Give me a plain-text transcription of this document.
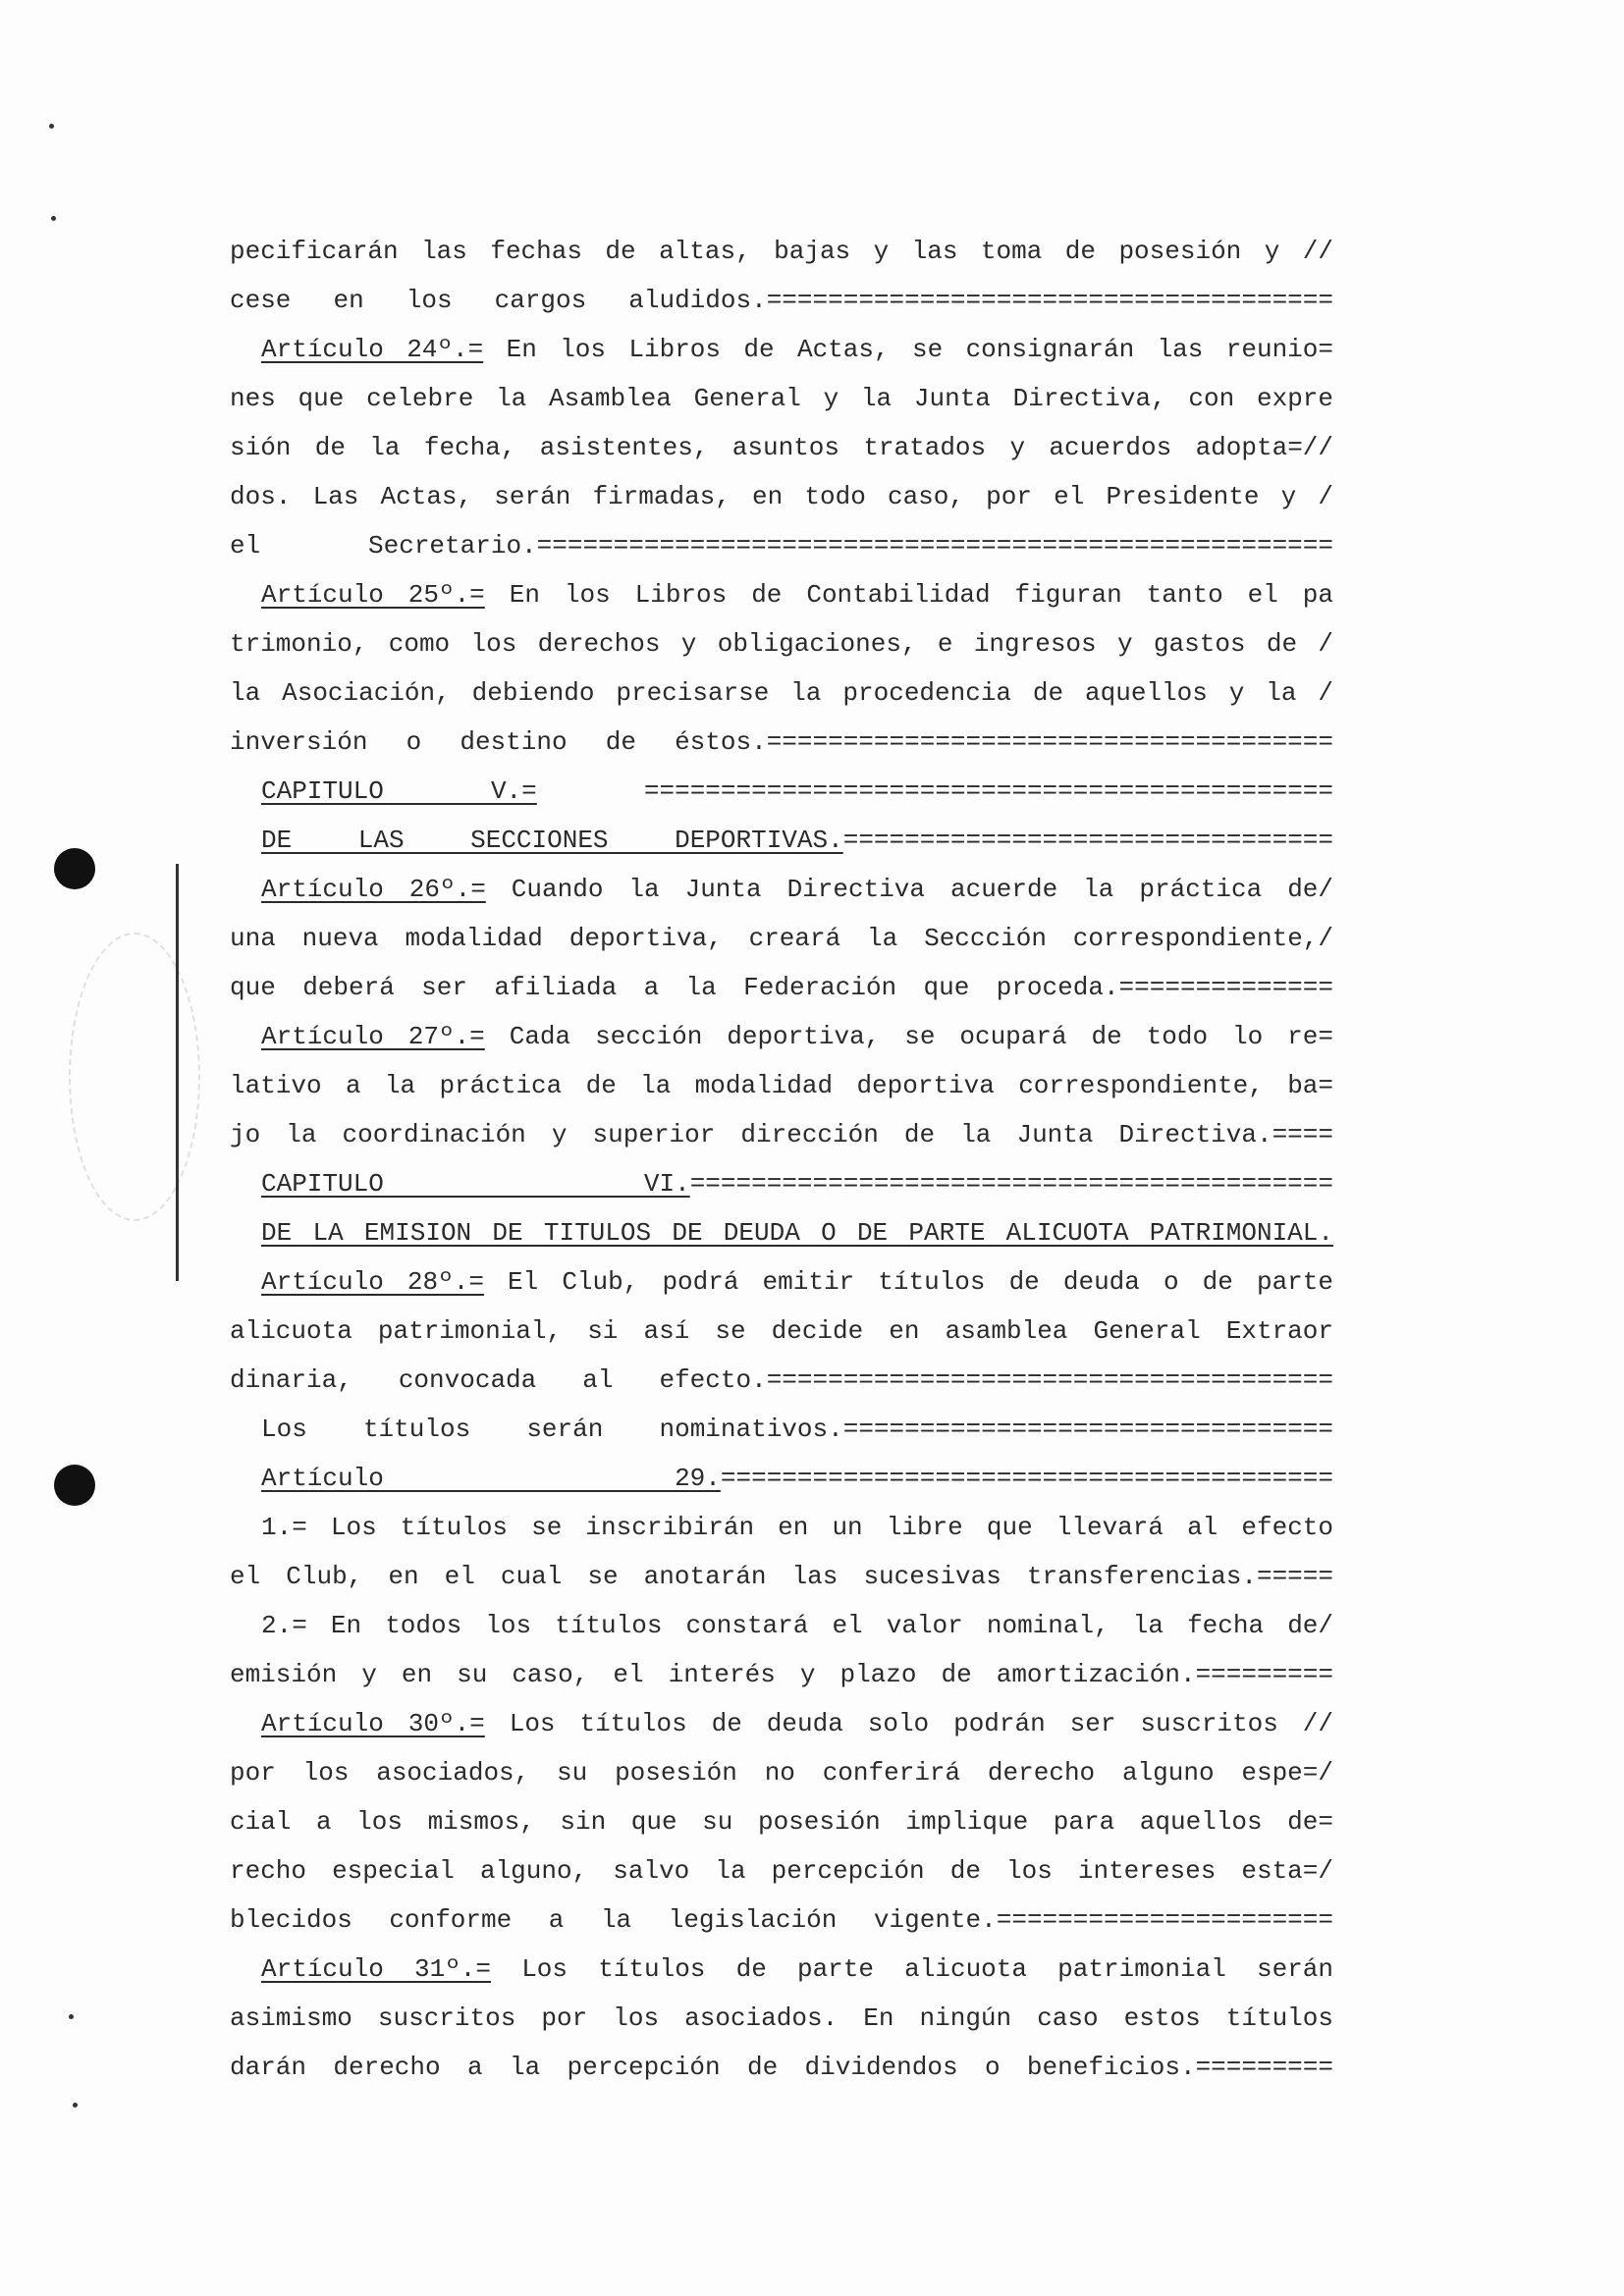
pecificarán las fechas de altas, bajas y las toma de posesión y //
cese en los cargos aludidos.=====================================
Artículo 24º.= En los Libros de Actas, se consignarán las reunio=
nes que celebre la Asamblea General y la Junta Directiva, con expre
sión de la fecha, asistentes, asuntos tratados y acuerdos adopta=//
dos. Las Actas, serán firmadas, en todo caso, por el Presidente y /
el Secretario.====================================================
Artículo 25º.= En los Libros de Contabilidad figuran tanto el pa
trimonio, como los derechos y obligaciones, e ingresos y gastos de /
la Asociación, debiendo precisarse la procedencia de aquellos y la /
inversión o destino de éstos.=====================================
CAPITULO V.= =============================================
DE LAS SECCIONES DEPORTIVAS.================================
Artículo 26º.= Cuando la Junta Directiva acuerde la práctica de/
una nueva modalidad deportiva, creará la Seccción correspondiente,/
que deberá ser afiliada a la Federación que proceda.==============
Artículo 27º.= Cada sección deportiva, se ocupará de todo lo re=
lativo a la práctica de la modalidad deportiva correspondiente, ba=
jo la coordinación y superior dirección de la Junta Directiva.====
CAPITULO VI.==========================================
DE LA EMISION DE TITULOS DE DEUDA O DE PARTE ALICUOTA PATRIMONIAL.
Artículo 28º.= El Club, podrá emitir títulos de deuda o de parte
alicuota patrimonial, si así se decide en asamblea General Extraor
dinaria, convocada al efecto.=====================================
Los títulos serán nominativos.================================
Artículo 29.========================================
1.= Los títulos se inscribirán en un libre que llevará al efecto
el Club, en el cual se anotarán las sucesivas transferencias.=====
2.= En todos los títulos constará el valor nominal, la fecha de/
emisión y en su caso, el interés y plazo de amortización.=========
Artículo 30º.= Los títulos de deuda solo podrán ser suscritos //
por los asociados, su posesión no conferirá derecho alguno espe=/
cial a los mismos, sin que su posesión implique para aquellos de=
recho especial alguno, salvo la percepción de los intereses esta=/
blecidos conforme a la legislación vigente.======================
Artículo 31º.= Los títulos de parte alicuota patrimonial serán
asimismo suscritos por los asociados. En ningún caso estos títulos
darán derecho a la percepción de dividendos o beneficios.=========
